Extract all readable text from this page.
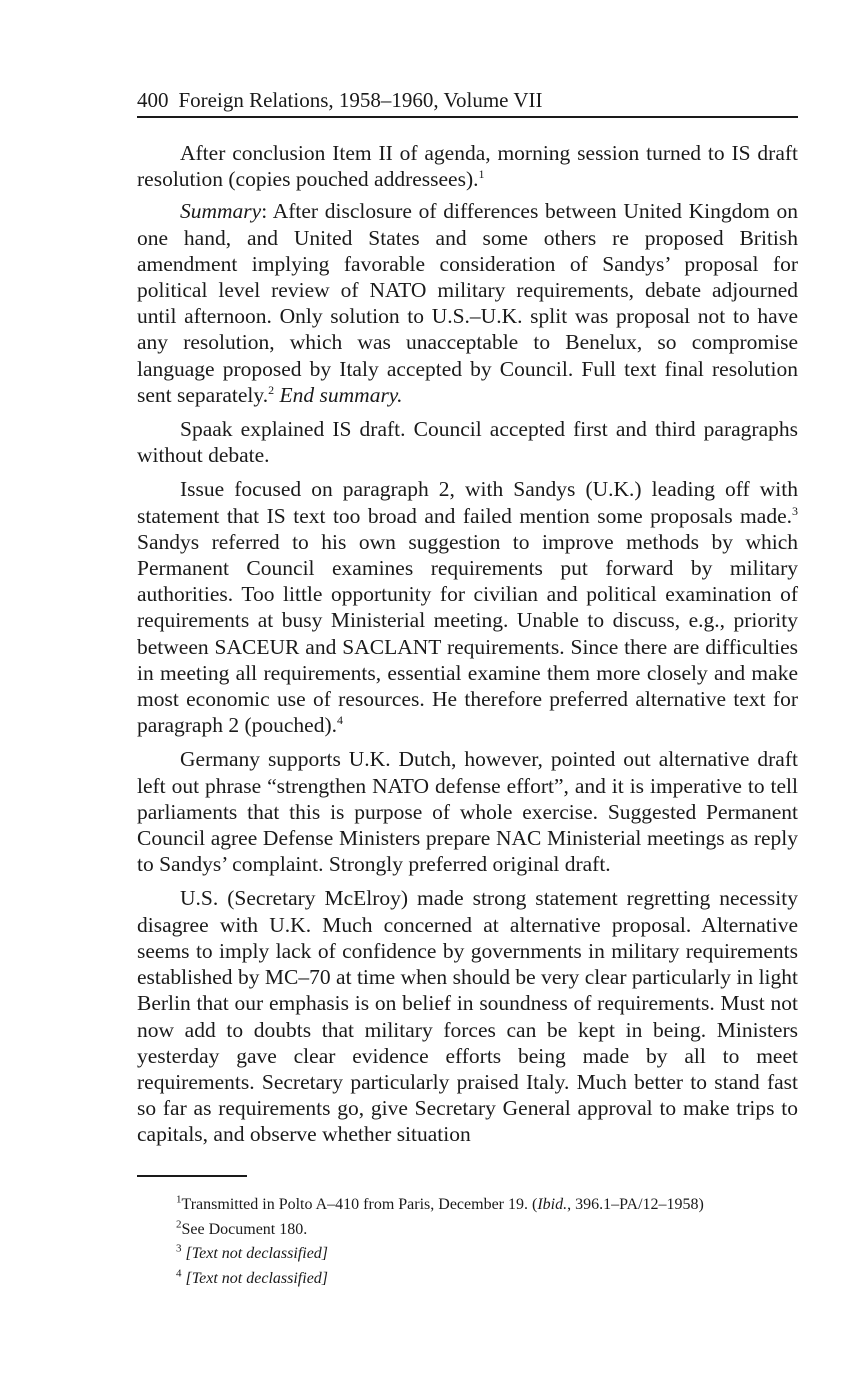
400 Foreign Relations, 1958–1960, Volume VII

After conclusion Item II of agenda, morning session turned to IS draft resolution (copies pouched addressees).$^1$

Summary: After disclosure of differences between United Kingdom on one hand, and United States and some others re proposed British amendment implying favorable consideration of Sandys’ proposal for political level review of NATO military requirements, debate adjourned until afternoon. Only solution to U.S.–U.K. split was proposal not to have any resolution, which was unacceptable to Benelux, so compromise language proposed by Italy accepted by Council. Full text final resolution sent separately.$^2$ End summary.

Spaak explained IS draft. Council accepted first and third paragraphs without debate.

Issue focused on paragraph 2, with Sandys (U.K.) leading off with statement that IS text too broad and failed mention some proposals made.$^3$ Sandys referred to his own suggestion to improve methods by which Permanent Council examines requirements put forward by military authorities. Too little opportunity for civilian and political examination of requirements at busy Ministerial meeting. Unable to discuss, e.g., priority between SACEUR and SACLANT requirements. Since there are difficulties in meeting all requirements, essential examine them more closely and make most economic use of resources. He therefore preferred alternative text for paragraph 2 (pouched).$^4$

Germany supports U.K. Dutch, however, pointed out alternative draft left out phrase “strengthen NATO defense effort”, and it is imperative to tell parliaments that this is purpose of whole exercise. Suggested Permanent Council agree Defense Ministers prepare NAC Ministerial meetings as reply to Sandys’ complaint. Strongly preferred original draft.

U.S. (Secretary McElroy) made strong statement regretting necessity disagree with U.K. Much concerned at alternative proposal. Alternative seems to imply lack of confidence by governments in military requirements established by MC–70 at time when should be very clear particularly in light Berlin that our emphasis is on belief in soundness of requirements. Must not now add to doubts that military forces can be kept in being. Ministers yesterday gave clear evidence efforts being made by all to meet requirements. Secretary particularly praised Italy. Much better to stand fast so far as requirements go, give Secretary General approval to make trips to capitals, and observe whether situation

$^1$Transmitted in Polto A–410 from Paris, December 19. (Ibid., 396.1–PA/12–1958)
$^2$See Document 180.
$^3$ [Text not declassified]
$^4$ [Text not declassified]
